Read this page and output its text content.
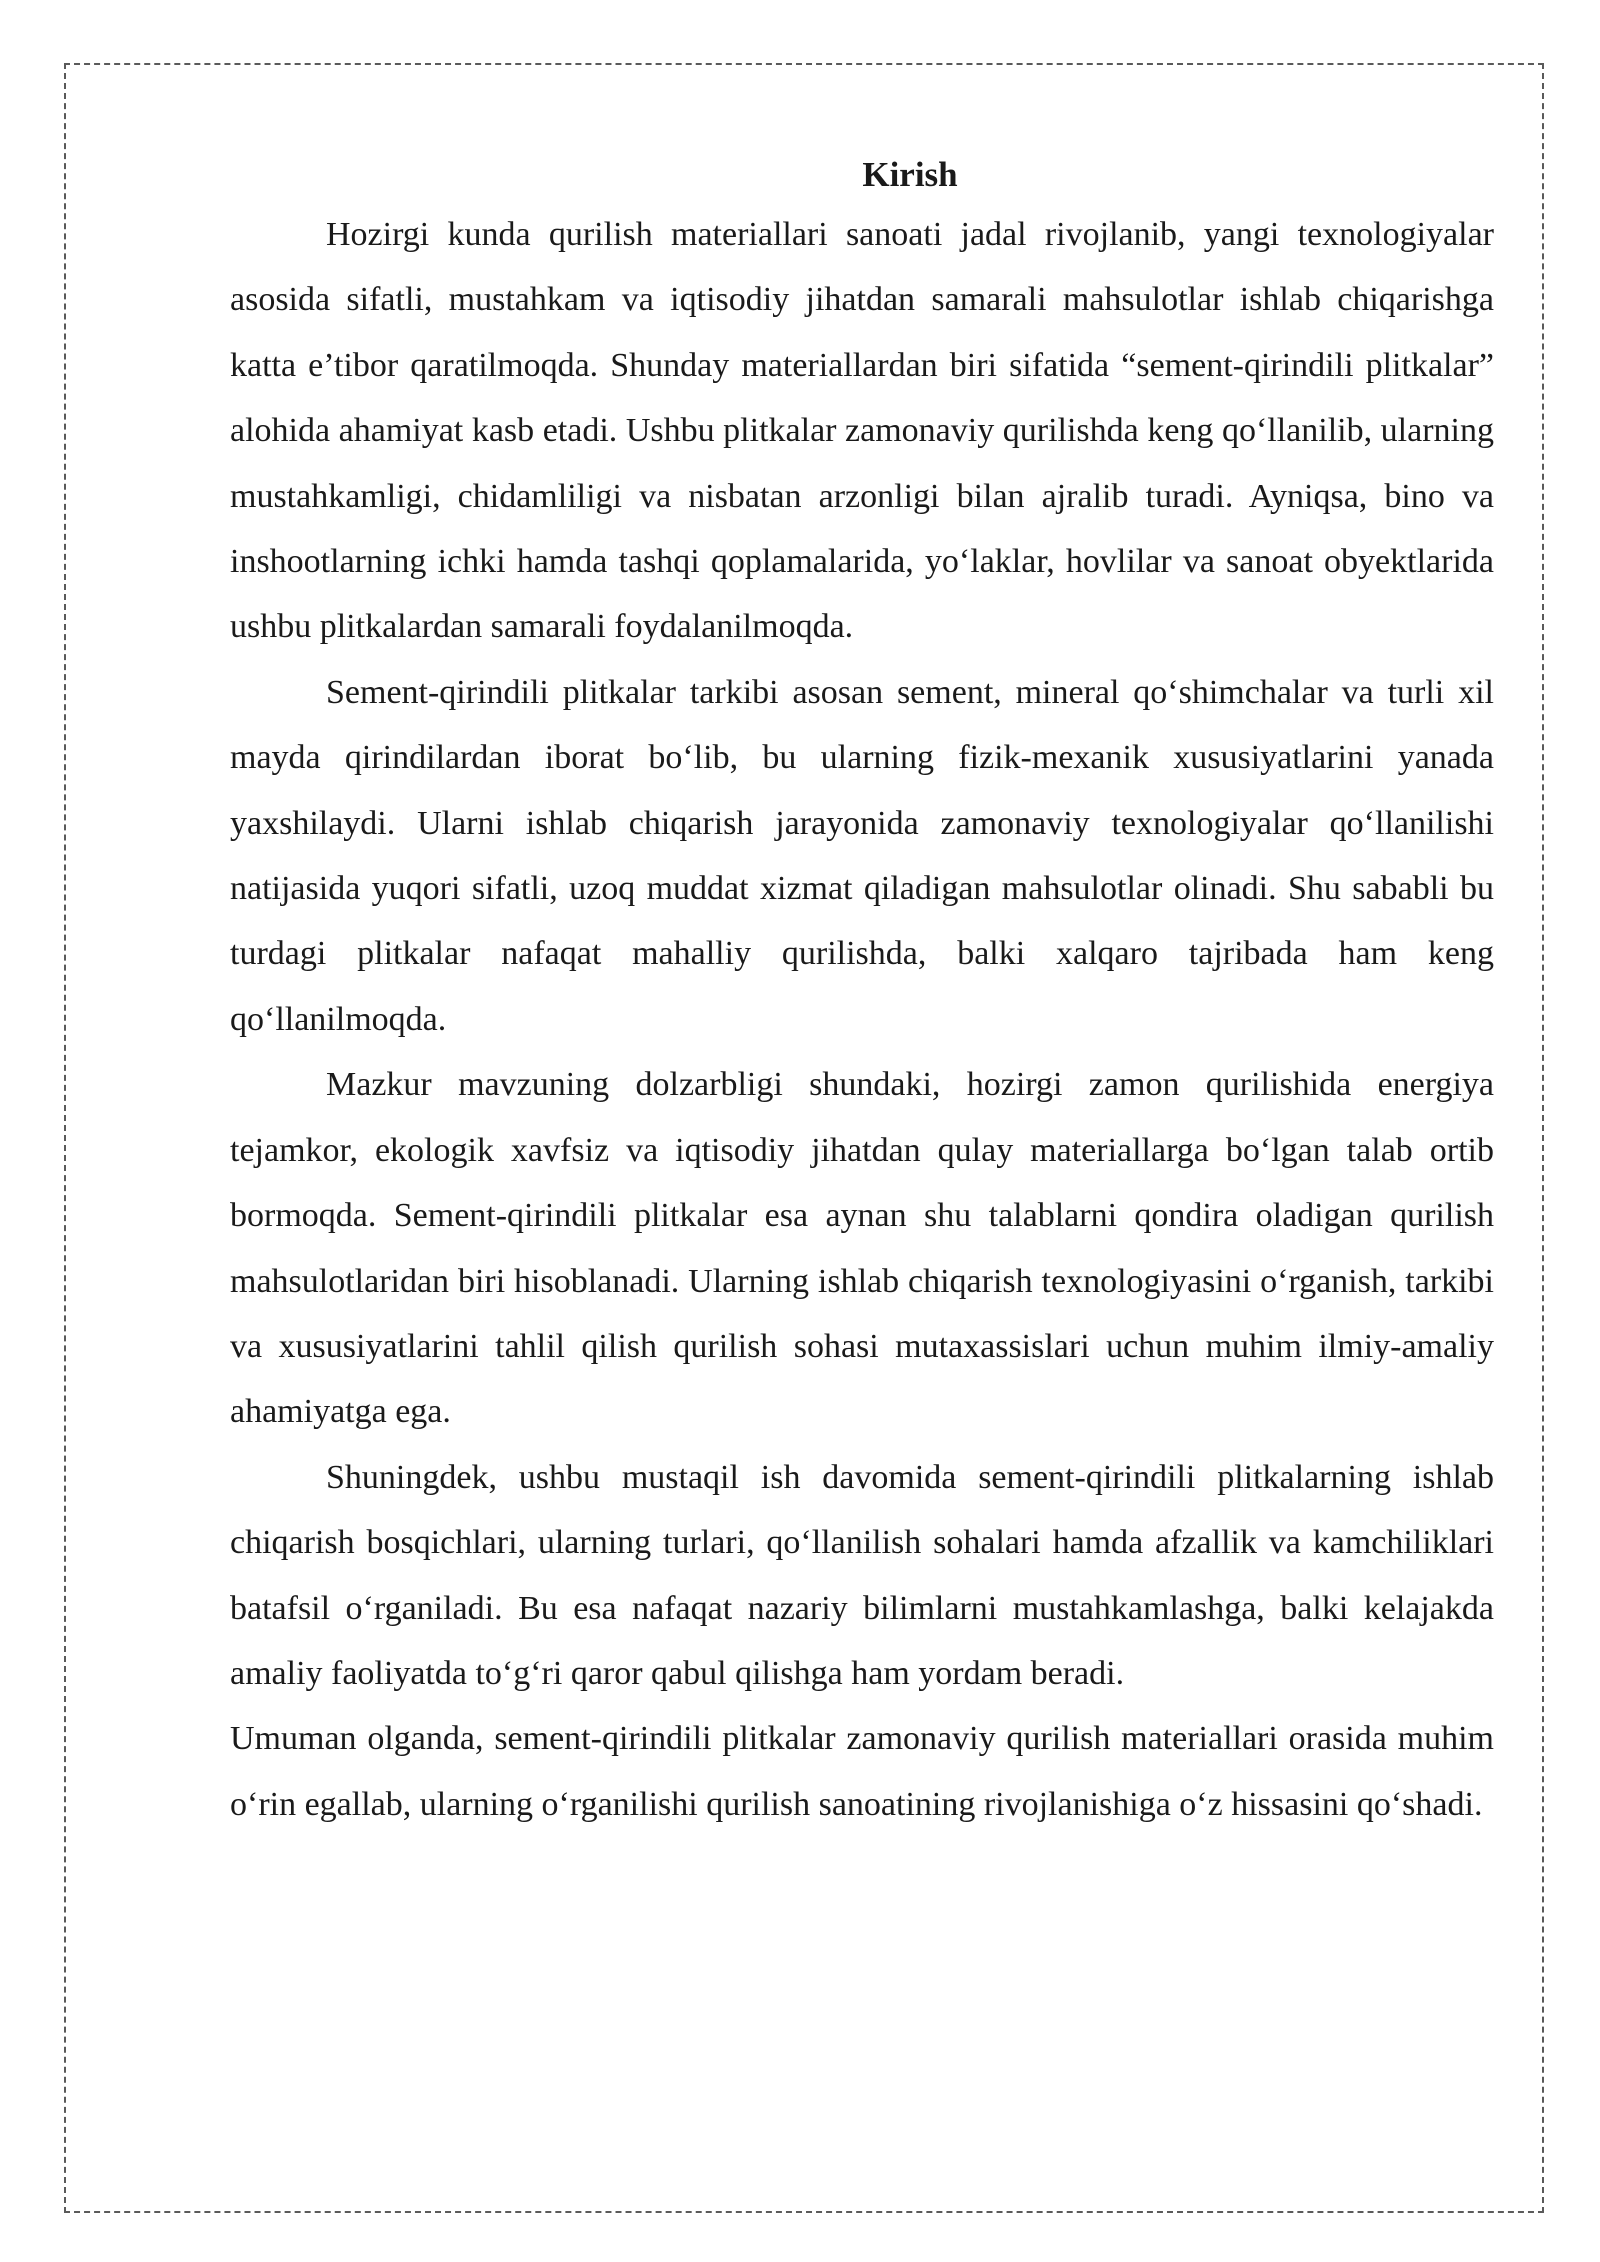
Kirish

Hozirgi kunda qurilish materiallari sanoati jadal rivojlanib, yangi texnologiyalar asosida sifatli, mustahkam va iqtisodiy jihatdan samarali mahsulotlar ishlab chiqarishga katta e’tibor qaratilmoqda. Shunday materiallardan biri sifatida “sement-qirindili plitkalar” alohida ahamiyat kasb etadi. Ushbu plitkalar zamonaviy qurilishda keng qo‘llanilib, ularning mustahkamligi, chidamliligi va nisbatan arzonligi bilan ajralib turadi. Ayniqsa, bino va inshootlarning ichki hamda tashqi qoplamalarida, yo‘laklar, hovlilar va sanoat obyektlarida ushbu plitkalardan samarali foydalanilmoqda.

Sement-qirindili plitkalar tarkibi asosan sement, mineral qo‘shimchalar va turli xil mayda qirindilardan iborat bo‘lib, bu ularning fizik-mexanik xususiyatlarini yanada yaxshilaydi. Ularni ishlab chiqarish jarayonida zamonaviy texnologiyalar qo‘llanilishi natijasida yuqori sifatli, uzoq muddat xizmat qiladigan mahsulotlar olinadi. Shu sababli bu turdagi plitkalar nafaqat mahalliy qurilishda, balki xalqaro tajribada ham keng qo‘llanilmoqda.

Mazkur mavzuning dolzarbligi shundaki, hozirgi zamon qurilishida energiya tejamkor, ekologik xavfsiz va iqtisodiy jihatdan qulay materiallarga bo‘lgan talab ortib bormoqda. Sement-qirindili plitkalar esa aynan shu talablarni qondira oladigan qurilish mahsulotlaridan biri hisoblanadi. Ularning ishlab chiqarish texnologiyasini o‘rganish, tarkibi va xususiyatlarini tahlil qilish qurilish sohasi mutaxassislari uchun muhim ilmiy-amaliy ahamiyatga ega.

Shuningdek, ushbu mustaqil ish davomida sement-qirindili plitkalarning ishlab chiqarish bosqichlari, ularning turlari, qo‘llanilish sohalari hamda afzallik va kamchiliklari batafsil o‘rganiladi. Bu esa nafaqat nazariy bilimlarni mustahkamlashga, balki kelajakda amaliy faoliyatda to‘g‘ri qaror qabul qilishga ham yordam beradi.

Umuman olganda, sement-qirindili plitkalar zamonaviy qurilish materiallari orasida muhim o‘rin egallab, ularning o‘rganilishi qurilish sanoatining rivojlanishiga o‘z hissasini qo‘shadi.
